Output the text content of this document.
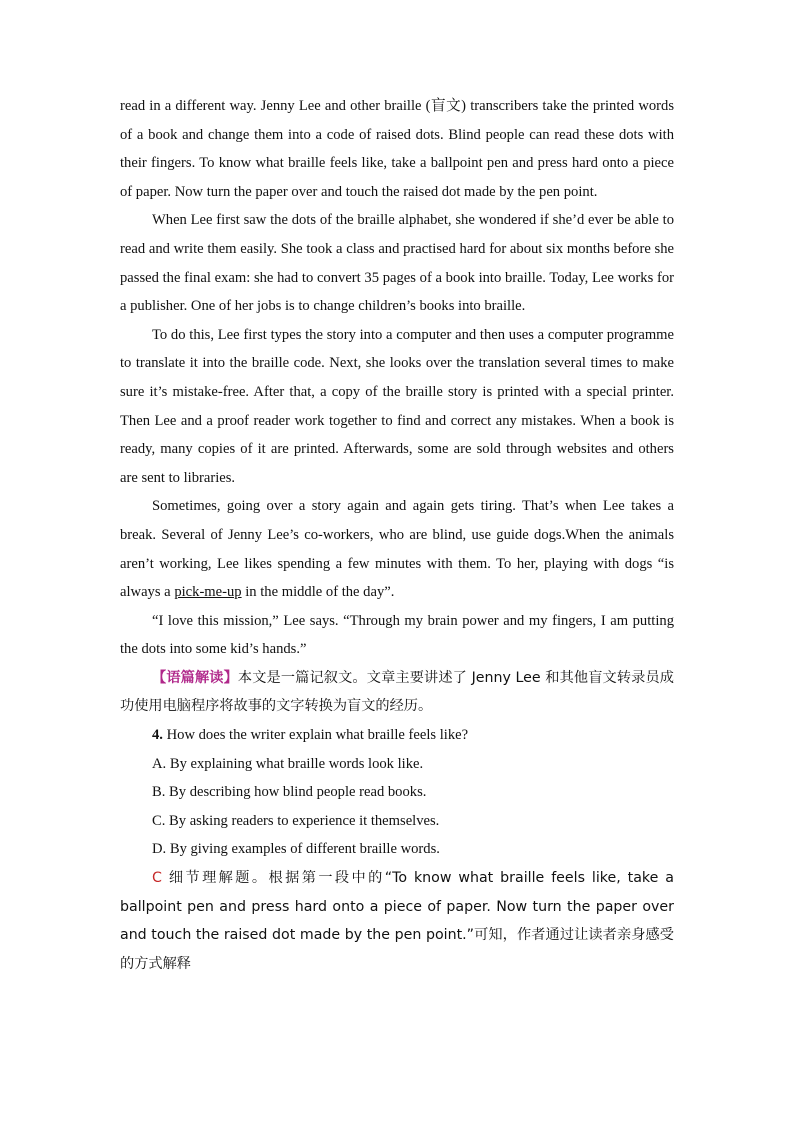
read in a different way. Jenny Lee and other braille (盲文) transcribers take the printed words of a book and change them into a code of raised dots. Blind people can read these dots with their fingers. To know what braille feels like, take a ballpoint pen and press hard onto a piece of paper. Now turn the paper over and touch the raised dot made by the pen point.

When Lee first saw the dots of the braille alphabet, she wondered if she’d ever be able to read and write them easily. She took a class and practised hard for about six months before she passed the final exam: she had to convert 35 pages of a book into braille. Today, Lee works for a publisher. One of her jobs is to change children’s books into braille.

To do this, Lee first types the story into a computer and then uses a computer programme to translate it into the braille code. Next, she looks over the translation several times to make sure it’s mistake-free. After that, a copy of the braille story is printed with a special printer. Then Lee and a proof reader work together to find and correct any mistakes. When a book is ready, many copies of it are printed. Afterwards, some are sold through websites and others are sent to libraries.

Sometimes, going over a story again and again gets tiring. That’s when Lee takes a break. Several of Jenny Lee’s co-workers, who are blind, use guide dogs.When the animals aren’t working, Lee likes spending a few minutes with them. To her, playing with dogs “is always a pick-me-up in the middle of the day”.

“I love this mission,” Lee says. “Through my brain power and my fingers, I am putting the dots into some kid’s hands.”

【语篇解读】本文是一篇记叙文。文章主要讲述了 Jenny Lee 和其他盲文转录员成功使用电脑程序将故事的文字转换为盲文的经历。

4. How does the writer explain what braille feels like?

A. By explaining what braille words look like.

B. By describing how blind people read books.

C. By asking readers to experience it themselves.

D. By giving examples of different braille words.

C 细节理解题。根据第一段中的“To know what braille feels like, take a ballpoint pen and press hard onto a piece of paper. Now turn the paper over and touch the raised dot made by the pen point.”可知，作者通过让读者亲身感受的方式解释
